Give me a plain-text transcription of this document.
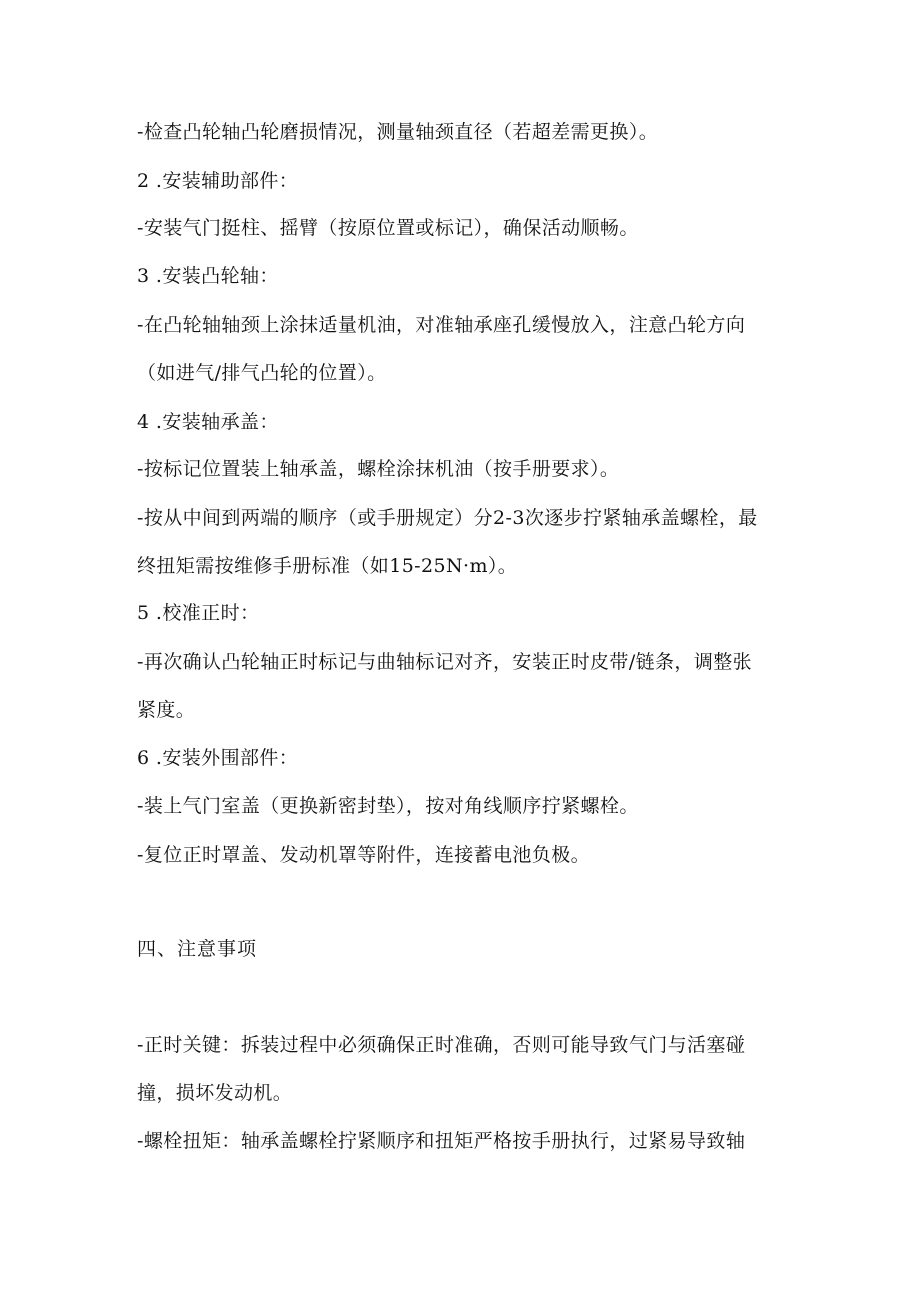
-检查凸轮轴凸轮磨损情况，测量轴颈直径（若超差需更换）。
2 .安装辅助部件：
-安装气门挺柱、摇臂（按原位置或标记），确保活动顺畅。
3 .安装凸轮轴：
-在凸轮轴轴颈上涂抹适量机油，对准轴承座孔缓慢放入，注意凸轮方向
（如进气/排气凸轮的位置）。
4 .安装轴承盖：
-按标记位置装上轴承盖，螺栓涂抹机油（按手册要求）。
-按从中间到两端的顺序（或手册规定）分2-3次逐步拧紧轴承盖螺栓，最
终扭矩需按维修手册标准（如15-25N·m）。
5 .校准正时：
-再次确认凸轮轴正时标记与曲轴标记对齐，安装正时皮带/链条，调整张
紧度。
6 .安装外围部件：
-装上气门室盖（更换新密封垫），按对角线顺序拧紧螺栓。
-复位正时罩盖、发动机罩等附件，连接蓄电池负极。
四、注意事项
-正时关键：拆装过程中必须确保正时准确，否则可能导致气门与活塞碰
撞，损坏发动机。
-螺栓扭矩：轴承盖螺栓拧紧顺序和扭矩严格按手册执行，过紧易导致轴
